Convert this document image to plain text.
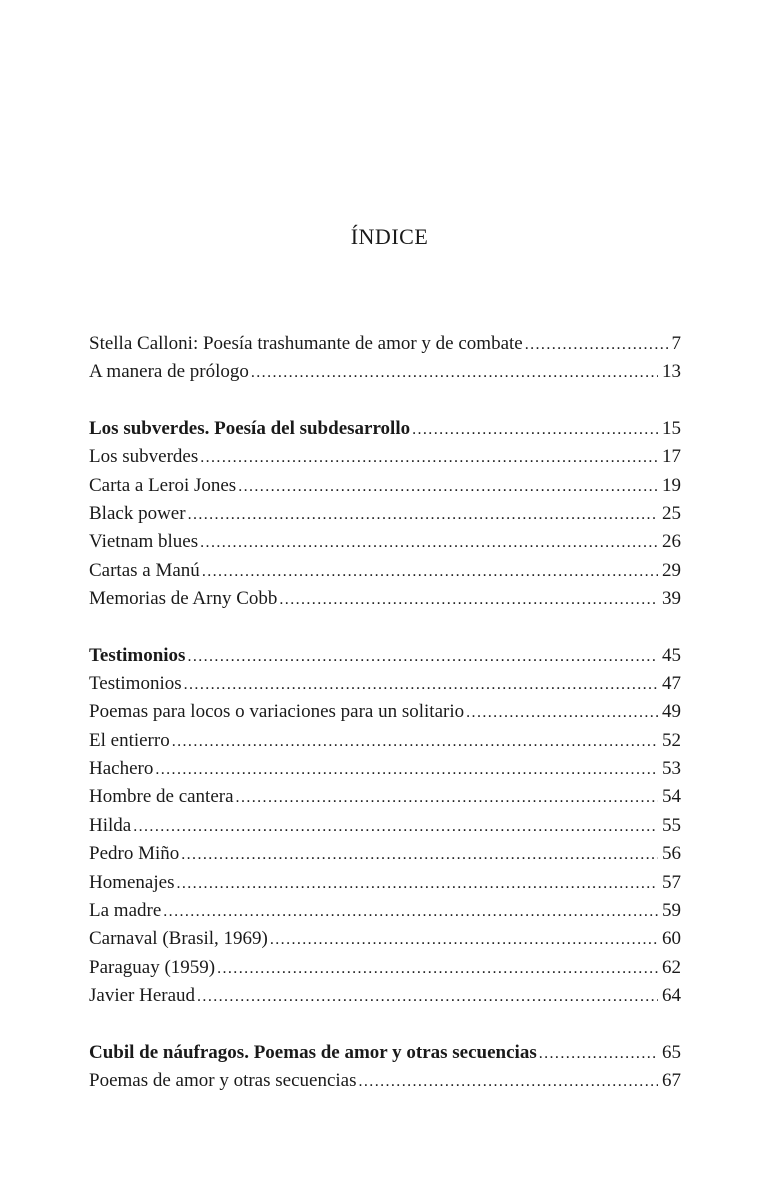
ÍNDICE
Stella Calloni: Poesía trashumante de amor y de combate .....	7
A manera de prólogo .....	13
Los subverdes. Poesía del subdesarrollo .....	15
Los subverdes .....	17
Carta a Leroi Jones .....	19
Black power .....	25
Vietnam blues .....	26
Cartas a Manú .....	29
Memorias de Arny Cobb .....	39
Testimonios .....	45
Testimonios .....	47
Poemas para locos o variaciones para un solitario .....	49
El entierro .....	52
Hachero .....	53
Hombre de cantera .....	54
Hilda .....	55
Pedro Miño .....	56
Homenajes .....	57
La madre .....	59
Carnaval (Brasil, 1969) .....	60
Paraguay (1959) .....	62
Javier Heraud .....	64
Cubil de náufragos. Poemas de amor y otras secuencias .....	65
Poemas de amor y otras secuencias .....	67
